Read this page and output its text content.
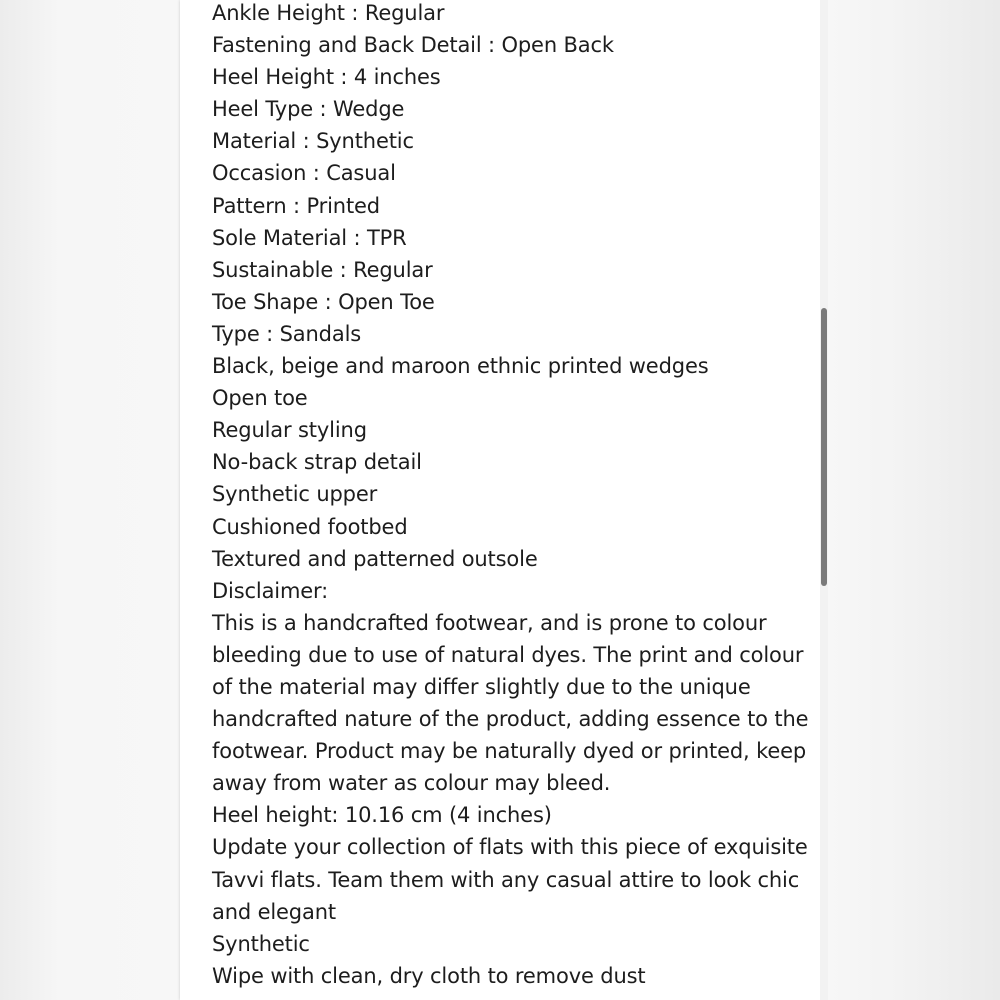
Ankle Height : Regular
Fastening and Back Detail : Open Back
Heel Height : 4 inches
Heel Type : Wedge
Material : Synthetic
Occasion : Casual
Pattern : Printed
Sole Material : TPR
Sustainable : Regular
Toe Shape : Open Toe
Type : Sandals
Black, beige and maroon ethnic printed wedges
Open toe
Regular styling
No-back strap detail
Synthetic upper
Cushioned footbed
Textured and patterned outsole
Disclaimer:
This is a handcrafted footwear, and is prone to colour
bleeding due to use of natural dyes. The print and colour
of the material may differ slightly due to the unique
handcrafted nature of the product, adding essence to the
footwear. Product may be naturally dyed or printed, keep
away from water as colour may bleed.
Heel height: 10.16 cm (4 inches)
Update your collection of flats with this piece of exquisite
Tavvi flats. Team them with any casual attire to look chic
and elegant
Synthetic
Wipe with clean, dry cloth to remove dust
